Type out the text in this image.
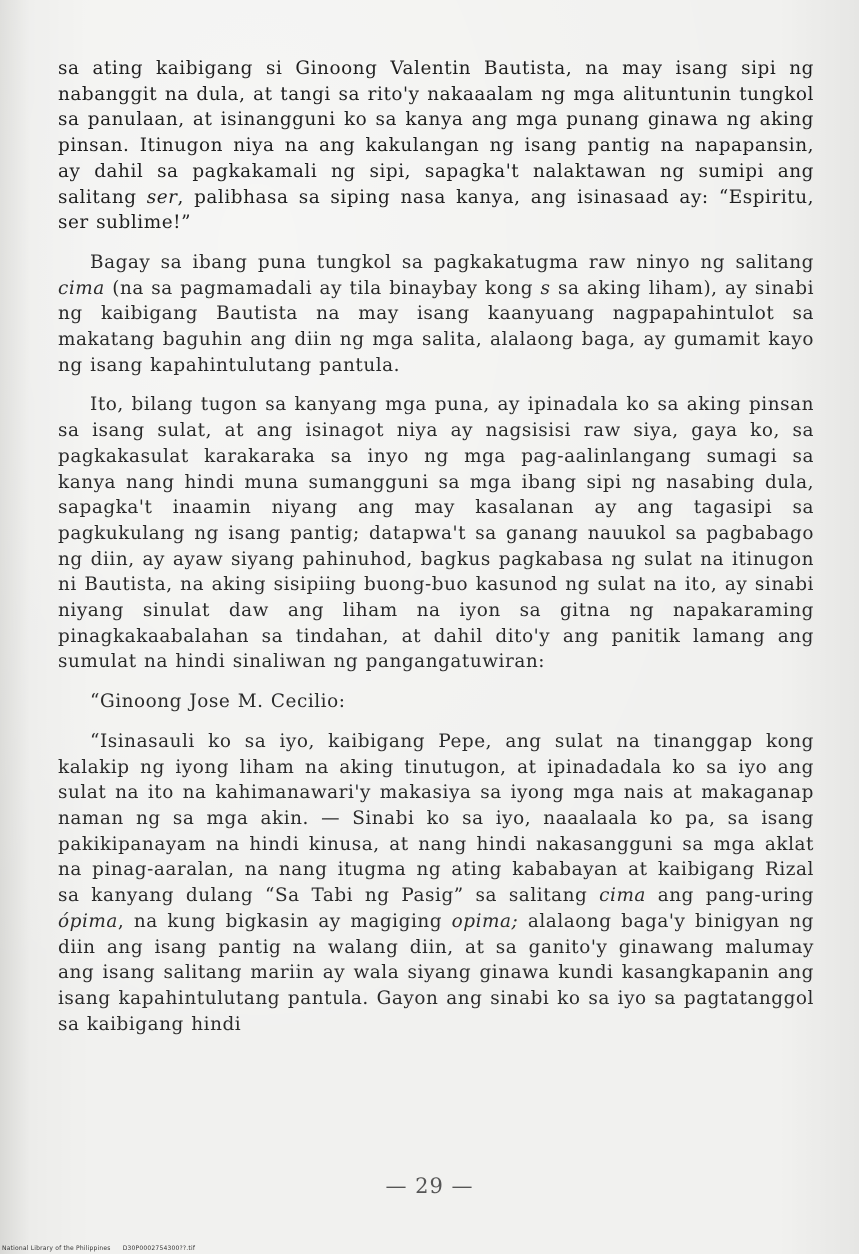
sa ating kaibigang si Ginoong Valentin Bautista, na may isang sipi ng nabanggit na dula, at tangi sa rito'y nakaaalam ng mga alituntunin tungkol sa panulaan, at isinangguni ko sa kanya ang mga punang ginawa ng aking pinsan. Itinugon niya na ang kakulangan ng isang pantig na napapansin, ay dahil sa pagkakamali ng sipi, sapagka't nalaktawan ng sumipi ang salitang ser, palibhasa sa siping nasa kanya, ang isinasaad ay: “Espiritu, ser sublime!”

Bagay sa ibang puna tungkol sa pagkakatugma raw ninyo ng salitang cima (na sa pagmamadali ay tila binaybay kong s sa aking liham), ay sinabi ng kaibigang Bautista na may isang kaanyuang nagpapahintulot sa makatang baguhin ang diin ng mga salita, alalaong baga, ay gumamit kayo ng isang kapahintulutang pantula.

Ito, bilang tugon sa kanyang mga puna, ay ipinadala ko sa aking pinsan sa isang sulat, at ang isinagot niya ay nagsisisi raw siya, gaya ko, sa pagkakasulat karakaraka sa inyo ng mga pag-aalinlangang sumagi sa kanya nang hindi muna sumangguni sa mga ibang sipi ng nasabing dula, sapagka't inaamin niyang ang may kasalanan ay ang tagasipi sa pagkukulang ng isang pantig; datapwa't sa ganang nauukol sa pagbabago ng diin, ay ayaw siyang pahinuhod, bagkus pagkabasa ng sulat na itinugon ni Bautista, na aking sisipiing buong-buo kasunod ng sulat na ito, ay sinabi niyang sinulat daw ang liham na iyon sa gitna ng napakaraming pinagkakaabalahan sa tindahan, at dahil dito'y ang panitik lamang ang sumulat na hindi sinaliwan ng pangangatuwiran:

“Ginoong Jose M. Cecilio:

“Isinasauli ko sa iyo, kaibigang Pepe, ang sulat na tinanggap kong kalakip ng iyong liham na aking tinutugon, at ipinadadala ko sa iyo ang sulat na ito na kahimanawari'y makasiya sa iyong mga nais at makaganap naman ng sa mga akin. — Sinabi ko sa iyo, naaalaala ko pa, sa isang pakikipanayam na hindi kinusa, at nang hindi nakasangguni sa mga aklat na pinag-aaralan, na nang itugma ng ating kababayan at kaibigang Rizal sa kanyang dulang “Sa Tabi ng Pasig” sa salitang cima ang pang-uring ópima, na kung bigkasin ay magiging opima; alalaong baga'y binigyan ng diin ang isang pantig na walang diin, at sa ganito'y ginawang malumay ang isang salitang mariin ay wala siyang ginawa kundi kasangkapanin ang isang kapahintulutang pantula. Gayon ang sinabi ko sa iyo sa pagtatanggol sa kaibigang hindi

— 29 —
National Library of the Philippines D30P0002754300??.tif
